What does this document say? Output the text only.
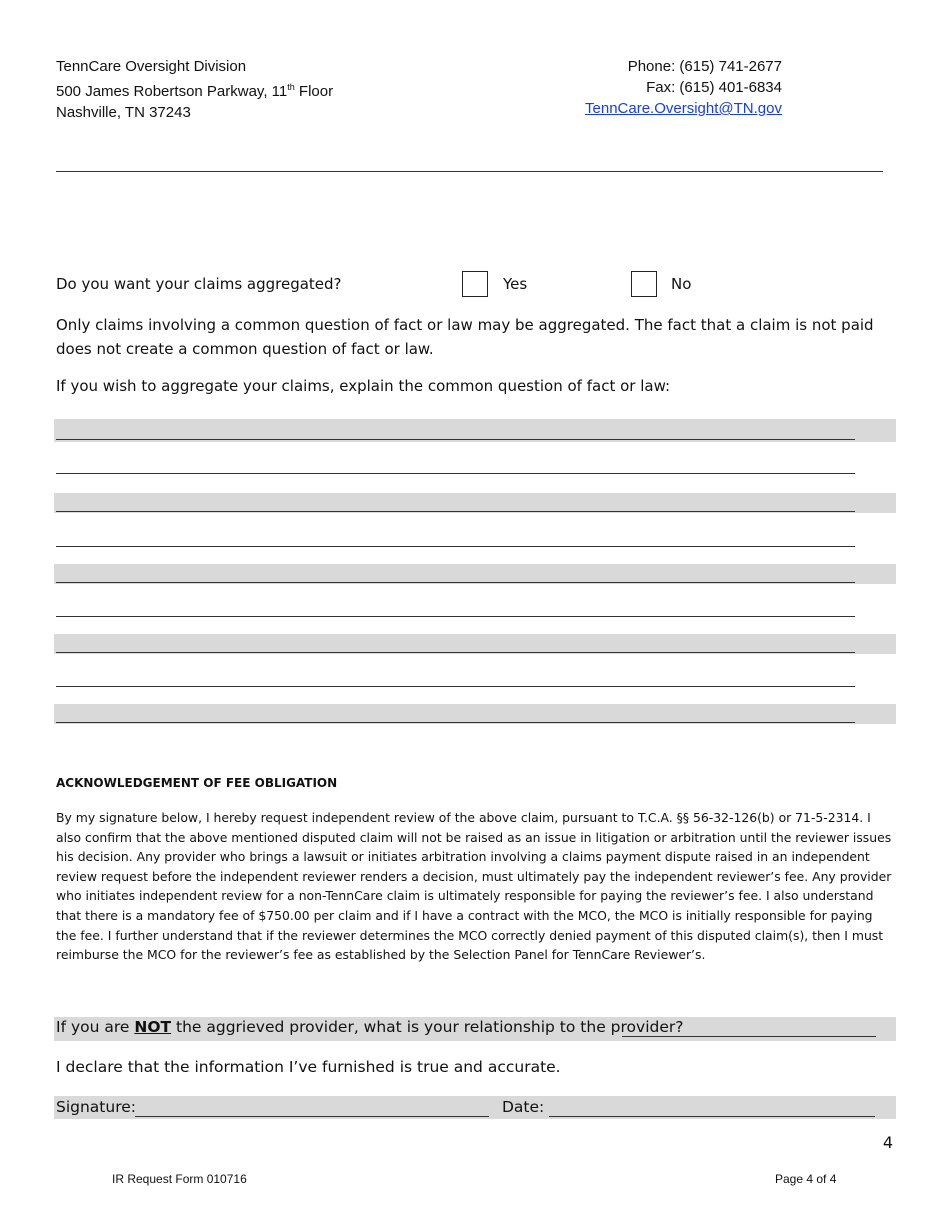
TennCare Oversight Division
500 James Robertson Parkway, 11th Floor
Nashville, TN 37243
Phone: (615) 741-2677
Fax: (615) 401-6834
TennCare.Oversight@TN.gov
Do you want your claims aggregated?	Yes	No
Only claims involving a common question of fact or law may be aggregated. The fact that a claim is not paid does not create a common question of fact or law.
If you wish to aggregate your claims, explain the common question of fact or law:
ACKNOWLEDGEMENT OF FEE OBLIGATION
By my signature below, I hereby request independent review of the above claim, pursuant to T.C.A. §§ 56-32-126(b) or 71-5-2314. I also confirm that the above mentioned disputed claim will not be raised as an issue in litigation or arbitration until the reviewer issues his decision. Any provider who brings a lawsuit or initiates arbitration involving a claims payment dispute raised in an independent review request before the independent reviewer renders a decision, must ultimately pay the independent reviewer’s fee. Any provider who initiates independent review for a non-TennCare claim is ultimately responsible for paying the reviewer’s fee. I also understand that there is a mandatory fee of $750.00 per claim and if I have a contract with the MCO, the MCO is initially responsible for paying the fee. I further understand that if the reviewer determines the MCO correctly denied payment of this disputed claim(s), then I must reimburse the MCO for the reviewer’s fee as established by the Selection Panel for TennCare Reviewer’s.
If you are NOT the aggrieved provider, what is your relationship to the provider?
I declare that the information I’ve furnished is true and accurate.
Signature:	Date:
4
IR Request Form 010716	Page 4 of 4
